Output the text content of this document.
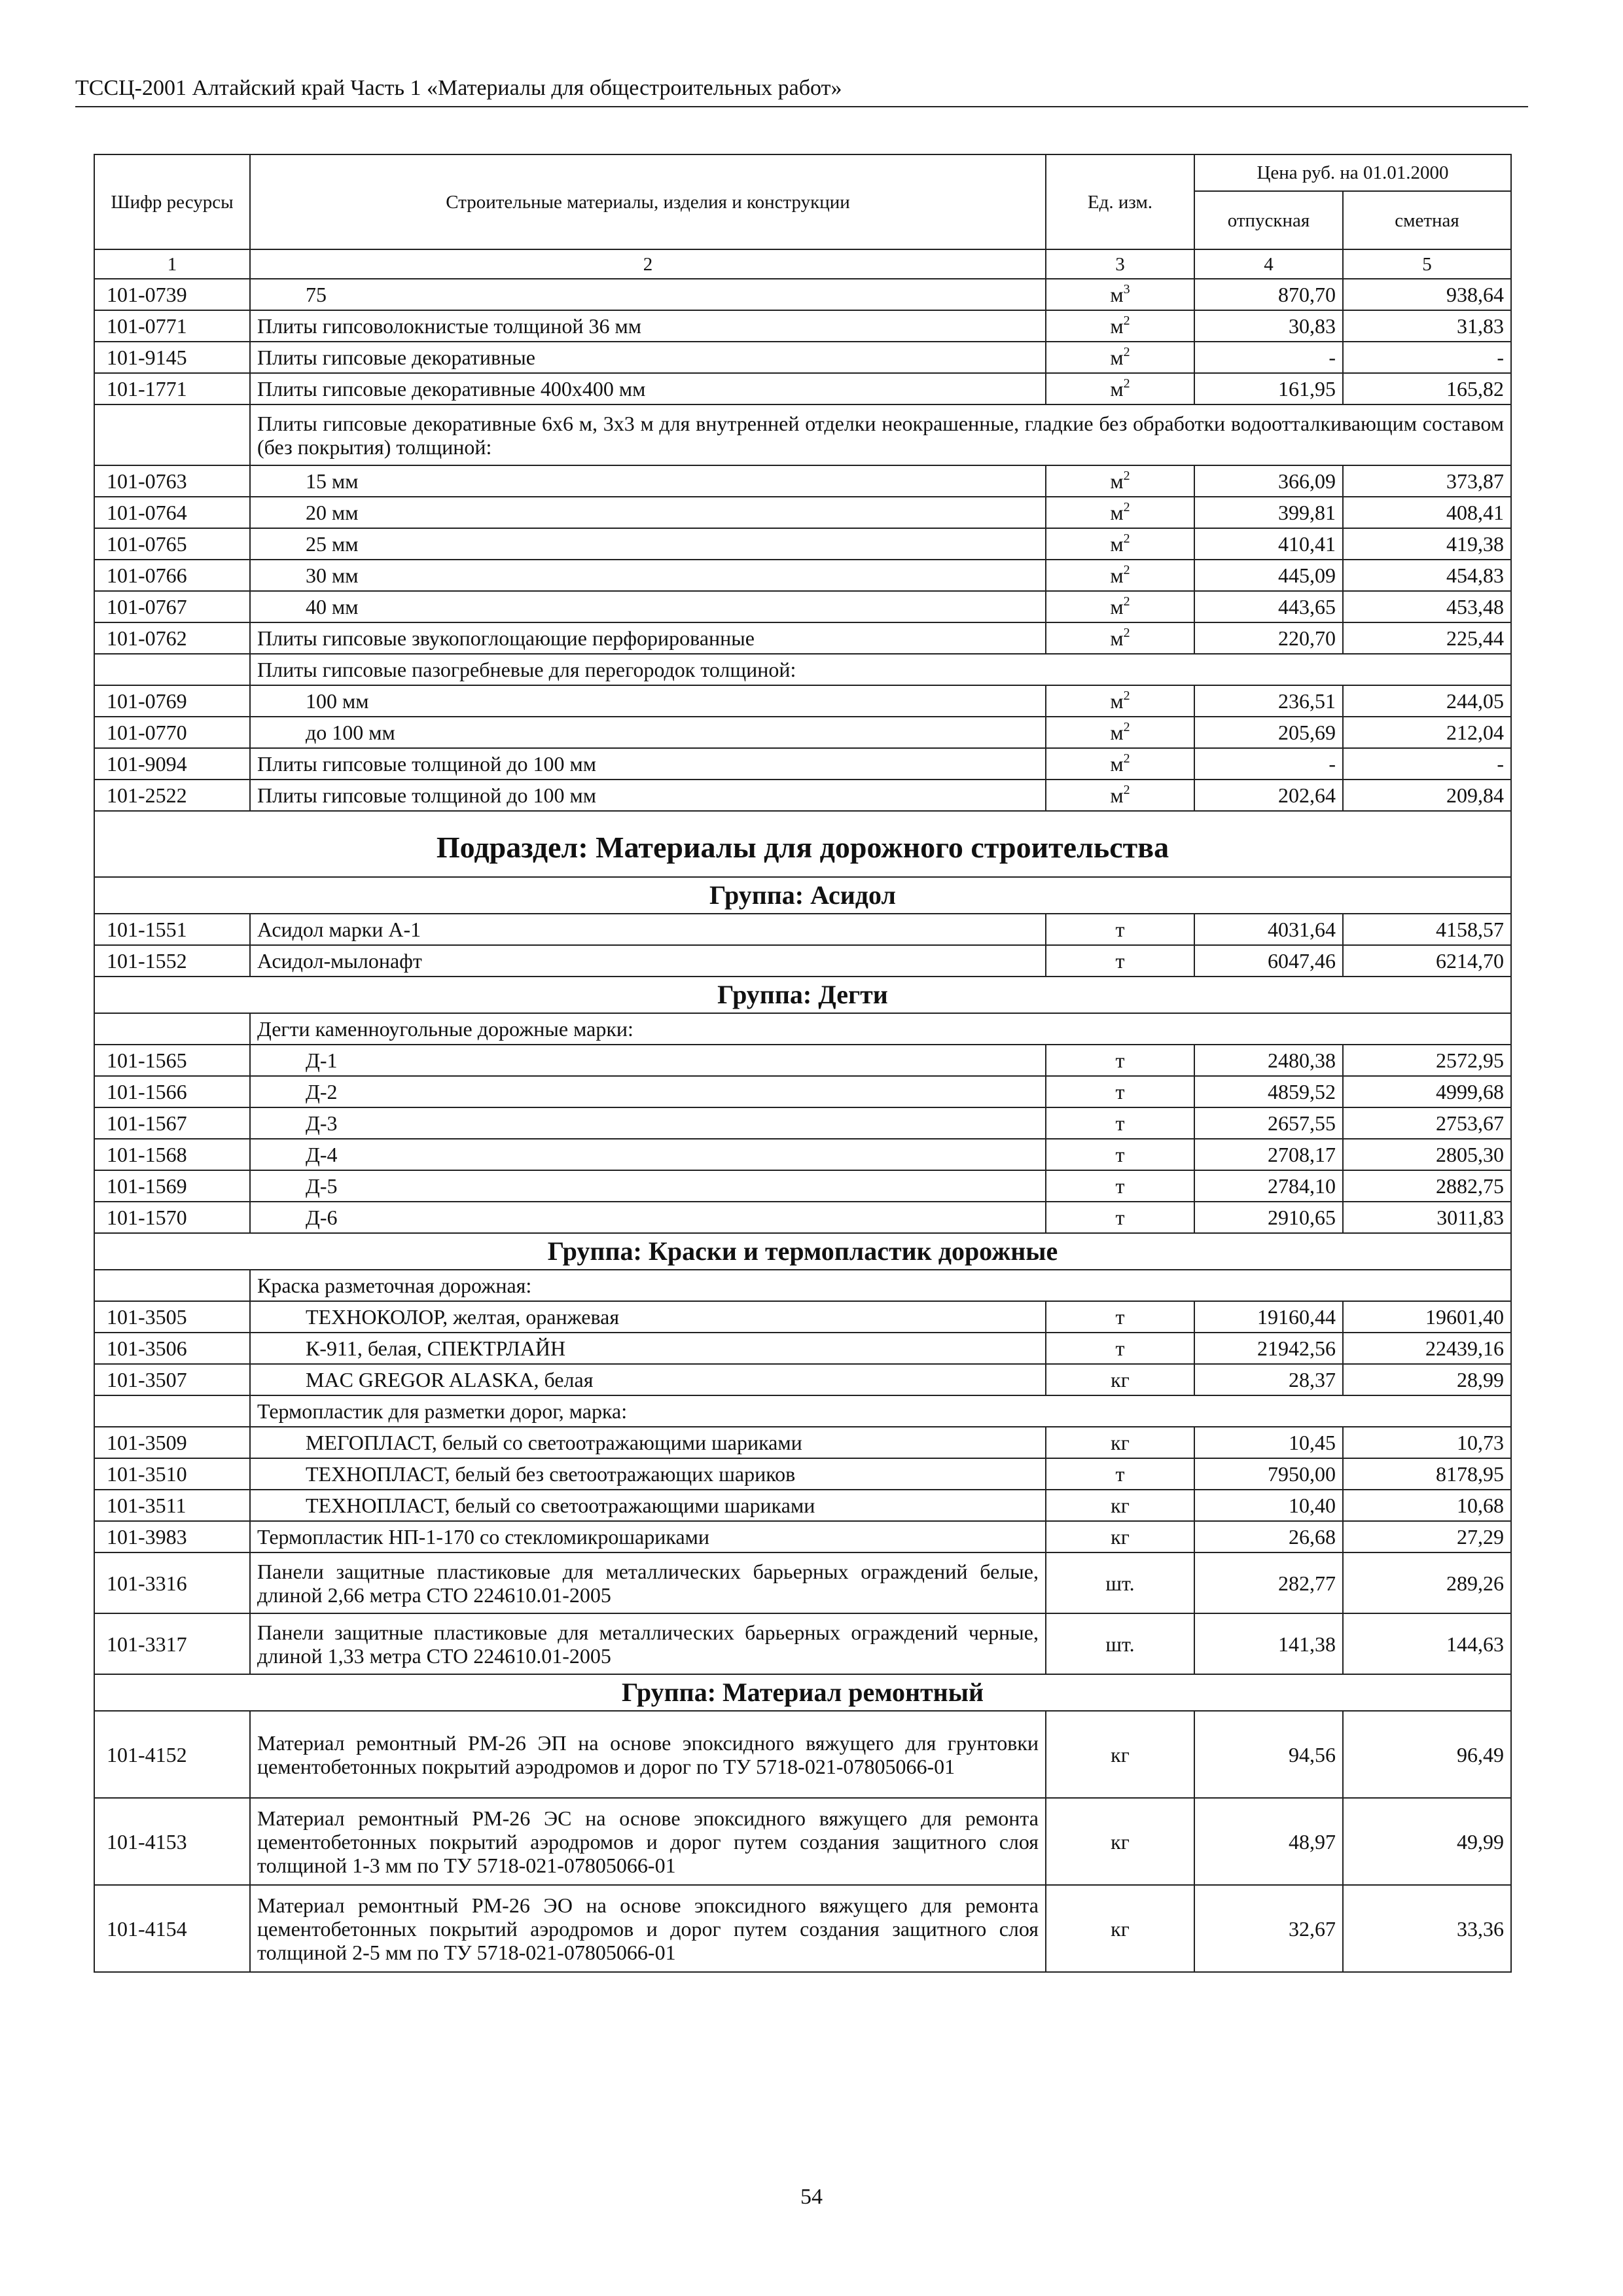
ТССЦ-2001 Алтайский край Часть 1 «Материалы для общестроительных работ»
Шифр ресурсы	Строительные материалы, изделия и конструкции	Ед. изм.	Цена руб. на 01.01.2000	
			отпускная	сметная
1	2	3	4	5
101-0739	75	$м^3$	870,70	938,64
101-0771	Плиты гипсоволокнистые толщиной 36 мм	$м^2$	30,83	31,83
101-9145	Плиты гипсовые декоративные	$м^2$	-	-
101-1771	Плиты гипсовые декоративные 400х400 мм	$м^2$	161,95	165,82
	Плиты гипсовые декоративные 6х6 м, 3х3 м для внутренней отделки неокрашенные, гладкие без обработки водоотталкивающим составом (без покрытия) толщиной:			
101-0763	15 мм	$м^2$	366,09	373,87
101-0764	20 мм	$м^2$	399,81	408,41
101-0765	25 мм	$м^2$	410,41	419,38
101-0766	30 мм	$м^2$	445,09	454,83
101-0767	40 мм	$м^2$	443,65	453,48
101-0762	Плиты гипсовые звукопоглощающие перфорированные	$м^2$	220,70	225,44
	Плиты гипсовые пазогребневые для перегородок толщиной:			
101-0769	100 мм	$м^2$	236,51	244,05
101-0770	до 100 мм	$м^2$	205,69	212,04
101-9094	Плиты гипсовые толщиной до 100 мм	$м^2$	-	-
101-2522	Плиты гипсовые толщиной до 100 мм	$м^2$	202,64	209,84
Подраздел: Материалы для дорожного строительства				
Группа: Асидол				
101-1551	Асидол марки А-1	т	4031,64	4158,57
101-1552	Асидол-мылонафт	т	6047,46	6214,70
Группа: Дегти				
	Дегти каменноугольные дорожные марки:			
101-1565	Д-1	т	2480,38	2572,95
101-1566	Д-2	т	4859,52	4999,68
101-1567	Д-3	т	2657,55	2753,67
101-1568	Д-4	т	2708,17	2805,30
101-1569	Д-5	т	2784,10	2882,75
101-1570	Д-6	т	2910,65	3011,83
Группа: Краски и термопластик дорожные				
	Краска разметочная дорожная:			
101-3505	ТЕХНОКОЛОР, желтая, оранжевая	т	19160,44	19601,40
101-3506	К-911, белая, СПЕКТРЛАЙН	т	21942,56	22439,16
101-3507	MAC GREGOR ALASKA, белая	кг	28,37	28,99
	Термопластик для разметки дорог, марка:			
101-3509	МЕГОПЛАСТ, белый со светоотражающими шариками	кг	10,45	10,73
101-3510	ТЕХНОПЛАСТ, белый без светоотражающих шариков	т	7950,00	8178,95
101-3511	ТЕХНОПЛАСТ, белый со светоотражающими шариками	кг	10,40	10,68
101-3983	Термопластик НП-1-170 со стекломикрошариками	кг	26,68	27,29
101-3316	Панели защитные пластиковые для металлических барьерных ограждений белые, длиной 2,66 метра СТО 224610.01-2005	шт.	282,77	289,26
101-3317	Панели защитные пластиковые для металлических барьерных ограждений черные, длиной 1,33 метра СТО 224610.01-2005	шт.	141,38	144,63
Группа: Материал ремонтный				
101-4152	Материал ремонтный РМ-26 ЭП на основе эпоксидного вяжущего для грунтовки цементобетонных покрытий аэродромов и дорог по ТУ 5718-021-07805066-01	кг	94,56	96,49
101-4153	Материал ремонтный РМ-26 ЭС на основе эпоксидного вяжущего для ремонта цементобетонных покрытий аэродромов и дорог путем создания защитного слоя толщиной 1-3 мм по ТУ 5718-021-07805066-01	кг	48,97	49,99
101-4154	Материал ремонтный РМ-26 ЭО на основе эпоксидного вяжущего для ремонта цементобетонных покрытий аэродромов и дорог путем создания защитного слоя толщиной 2-5 мм по ТУ 5718-021-07805066-01	кг	32,67	33,36
54
